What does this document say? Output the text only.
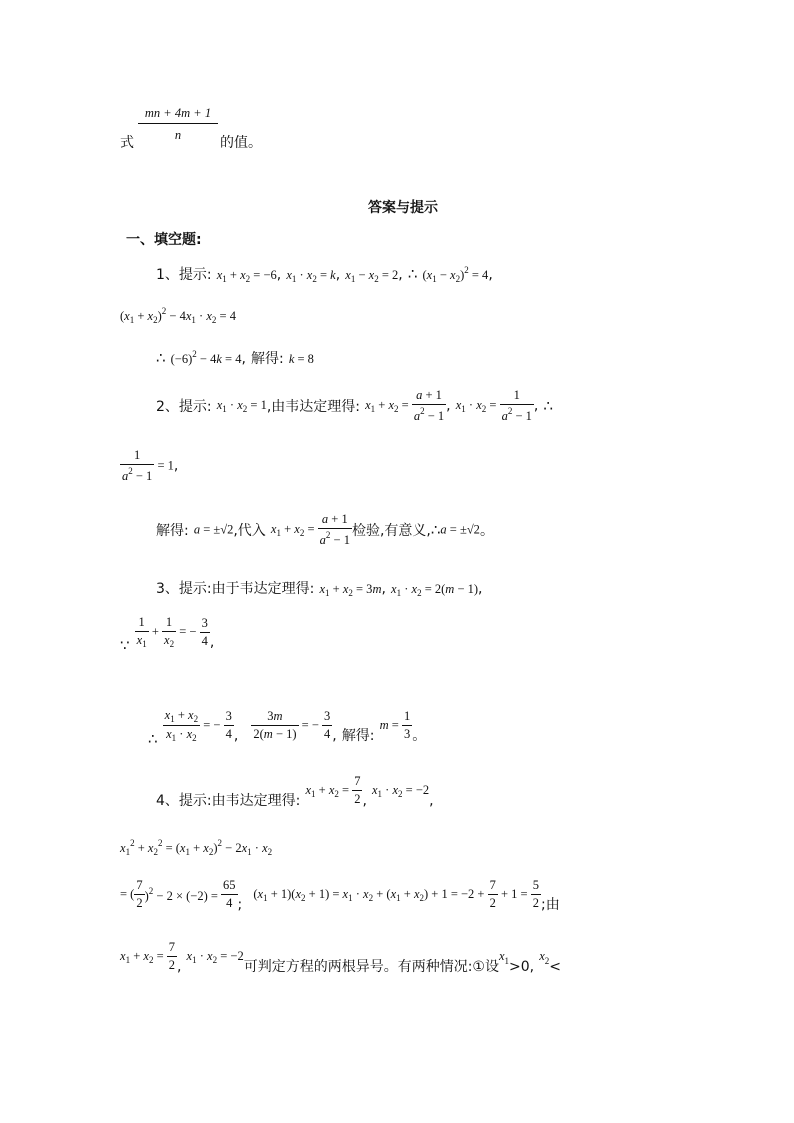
式 $\frac{mn + 4m + 1}{n}$ 的值。
答案与提示
一、填空题:
1、提示: $x_1 + x_2 = -6$, $x_1 \cdot x_2 = k$, $x_1 - x_2 = 2$, ∴ $(x_1 - x_2)^2 = 4$,
$(x_1 + x_2)^2 - 4x_1 \cdot x_2 = 4$
∴ $(-6)^2 - 4k = 4$, 解得: k = 8
2、提示: $x_1 \cdot x_2 = 1$,由韦达定理得: $x_1 + x_2 = \frac{a + 1}{a^2 - 1}$ , $x_1 \cdot x_2 = \frac{1}{a^2 - 1}$ , ∴
$\frac{1}{a^2 - 1} = 1$,
解得: a = ±√2,代入 $x_1 + x_2 = \frac{a + 1}{a^2 - 1}$ 检验,有意义,∴a = ±√2。
3、提示:由于韦达定理得: $x_1 + x_2 = 3m$, $x_1 \cdot x_2 = 2(m - 1)$,
∵ $\frac{1}{x_1} + \frac{1}{x_2}$ = − $\frac{3}{4}$ ,
∴ $\frac{x_1 + x_2}{x_1 \cdot x_2}$ = − $\frac{3}{4}$ , $\frac{3m}{2(m - 1)}$ = − $\frac{3}{4}$ , 解得: $m = \frac{1}{3}$ 。
4、提示:由韦达定理得: $x_1 + x_2 = \frac{7}{2}$ , $x_1 \cdot x_2 = -2$,
$x_1^2 + x_2^2 = (x_1 + x_2)^2 - 2x_1 \cdot x_2$
= ( $\frac{7}{2} )^2 - 2 \times (-2) = \frac{65}{4}$ ; $(x_1 + 1)(x_2 + 1) = x_1 \cdot x_2 + (x_1 + x_2) + 1 = -2 + \frac{7}{2} + 1 = \frac{5}{2}$ ;由
$x_1 + x_2 = \frac{7}{2}$ , $x_1 \cdot x_2 = -2$可判定方程的两根异号。有两种情况:①设$x_1>0$, $x_2<$
